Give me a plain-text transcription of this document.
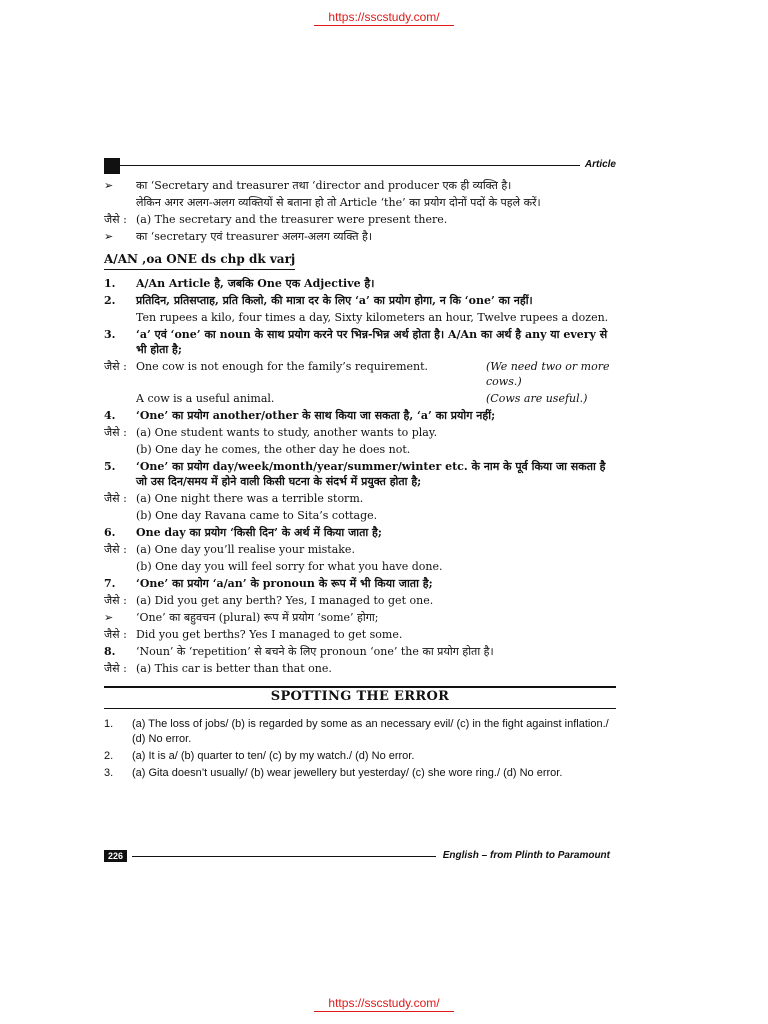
https://sscstudy.com/
Article
➢	का ‘Secretary and treasurer तथा ‘director and producer एक ही व्यक्ति है।
लेकिन अगर अलग-अलग व्यक्तियों से बताना हो तो Article ‘the’ का प्रयोग दोनों पदों के पहले करें।
जैसे : (a) The secretary and the treasurer were present there.
➢	का ‘secretary एवं treasurer अलग-अलग व्यक्ति है।
A/AN ,oa ONE ds chp dk varj
1.	A/An Article है, जबकि One एक Adjective है।
2.	प्रतिदिन, प्रतिसप्ताह, प्रति किलो, की मात्रा दर के लिए ‘a’ का प्रयोग होगा, न कि ‘one’ का नहीं।
Ten rupees a kilo, four times a day, Sixty kilometers an hour, Twelve rupees a dozen.
3.	‘a’ एवं ‘one’ का noun के साथ प्रयोग करने पर भिन्न-भिन्न अर्थ होता है। A/An का अर्थ है any या every से भी होता है;
जैसे : One cow is not enough for the family’s requirement.	(We need two or more cows.)
A cow is a useful animal.	(Cows are useful.)
4.	‘One’ का प्रयोग another/other के साथ किया जा सकता है, ‘a’ का प्रयोग नहीं;
जैसे : (a) One student wants to study, another wants to play.
(b) One day he comes, the other day he does not.
5.	‘One’ का प्रयोग day/week/month/year/summer/winter etc. के नाम के पूर्व किया जा सकता है जो उस दिन/समय में होने वाली किसी घटना के संदर्भ में प्रयुक्त होता है;
जैसे : (a) One night there was a terrible storm.
(b) One day Ravana came to Sita’s cottage.
6.	One day का प्रयोग ‘किसी दिन’ के अर्थ में किया जाता है;
जैसे : (a) One day you’ll realise your mistake.
(b) One day you will feel sorry for what you have done.
7.	‘One’ का प्रयोग ‘a/an’ के pronoun के रूप में भी किया जाता है;
जैसे : (a) Did you get any berth? Yes, I managed to get one.
➢	‘One’ का बहुवचन (plural) रूप में प्रयोग ‘some’ होगा;
जैसे : Did you get berths? Yes I managed to get some.
8.	‘Noun’ के ‘repetition’ से बचने के लिए pronoun ‘one’ the का प्रयोग होता है।
जैसे : (a) This car is better than that one.
SPOTTING THE ERROR
1.	(a) The loss of jobs/ (b) is regarded by some as an necessary evil/ (c) in the fight against inflation./ (d) No error.
2.	(a) It is a/ (b) quarter to ten/ (c) by my watch./ (d) No error.
3.	(a) Gita doesn’t usually/ (b) wear jewellery but yesterday/ (c) she wore ring./ (d) No error.
226	English – from Plinth to Paramount
https://sscstudy.com/
